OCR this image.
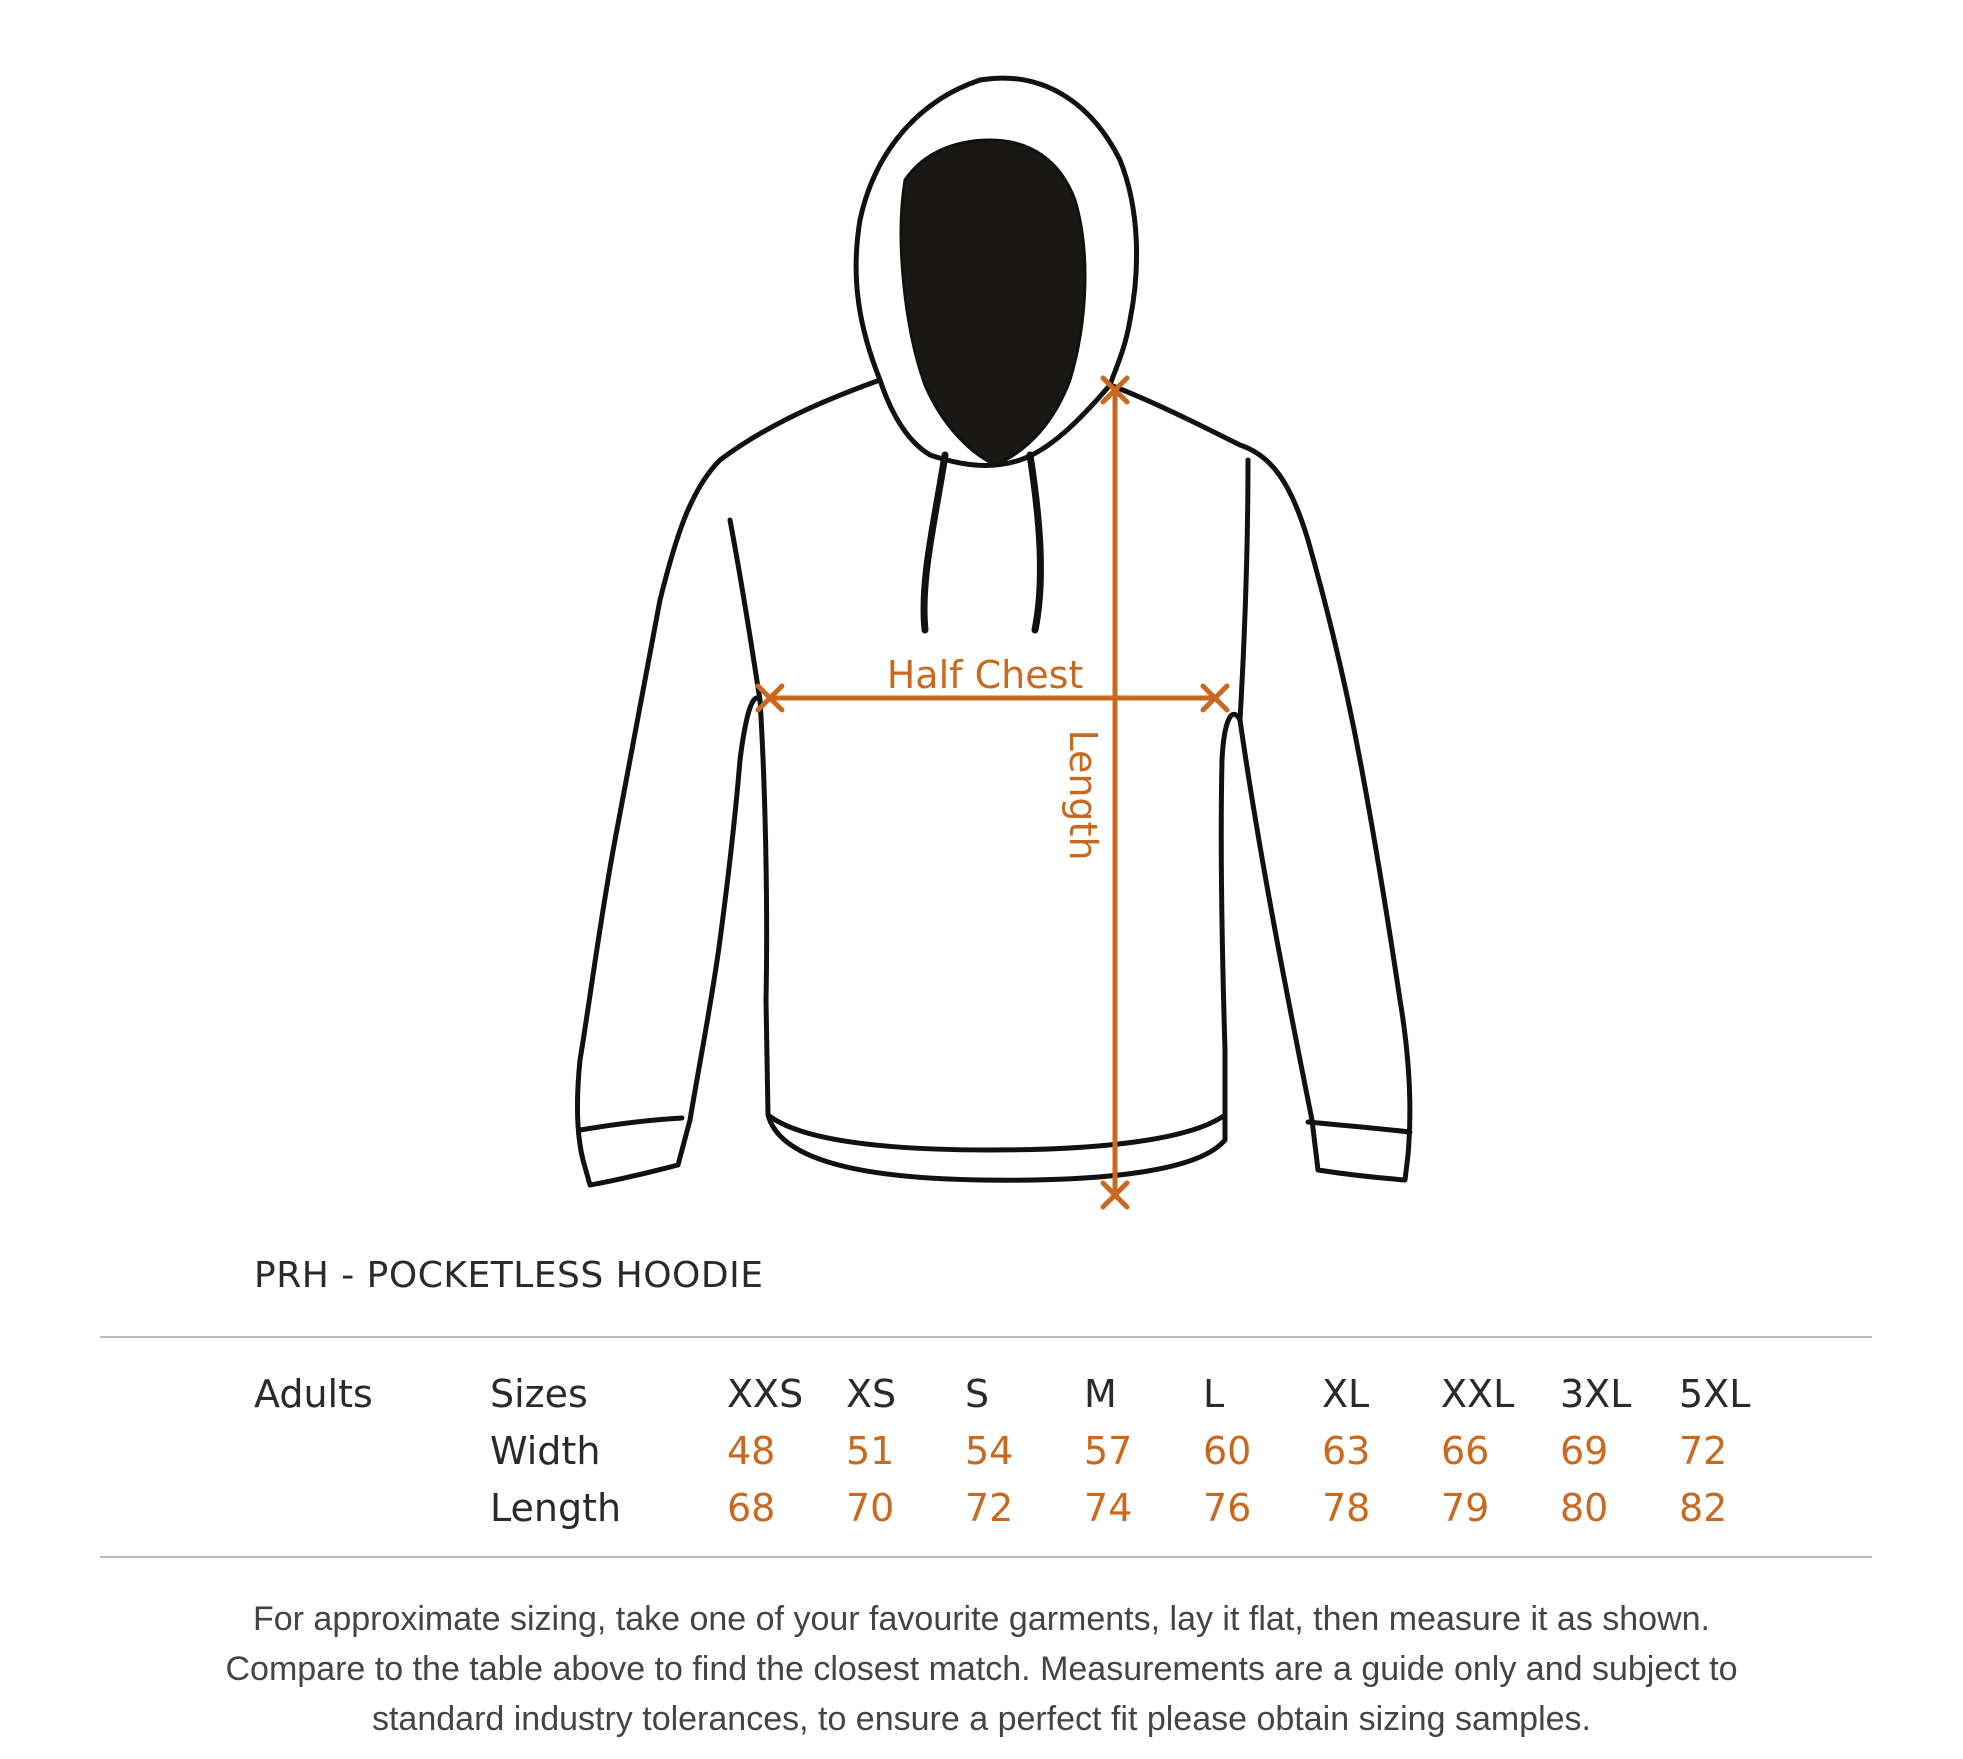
Half Chest
Length
PRH - POCKETLESS HOODIE
Adults	Sizes
Width
Length
XXS XS S M L	XL XXL 3XL 5XL
48 51 54 57 60 63 66 69 72
68 70 72 74 76 78 79 80 82
For approximate sizing, take one of your favourite garments, lay it flat, then measure it as shown.
Compare to the table above to find the closest match. Measurements are a guide only and subject to
standard industry tolerances, to ensure a perfect fit please obtain sizing samples.
